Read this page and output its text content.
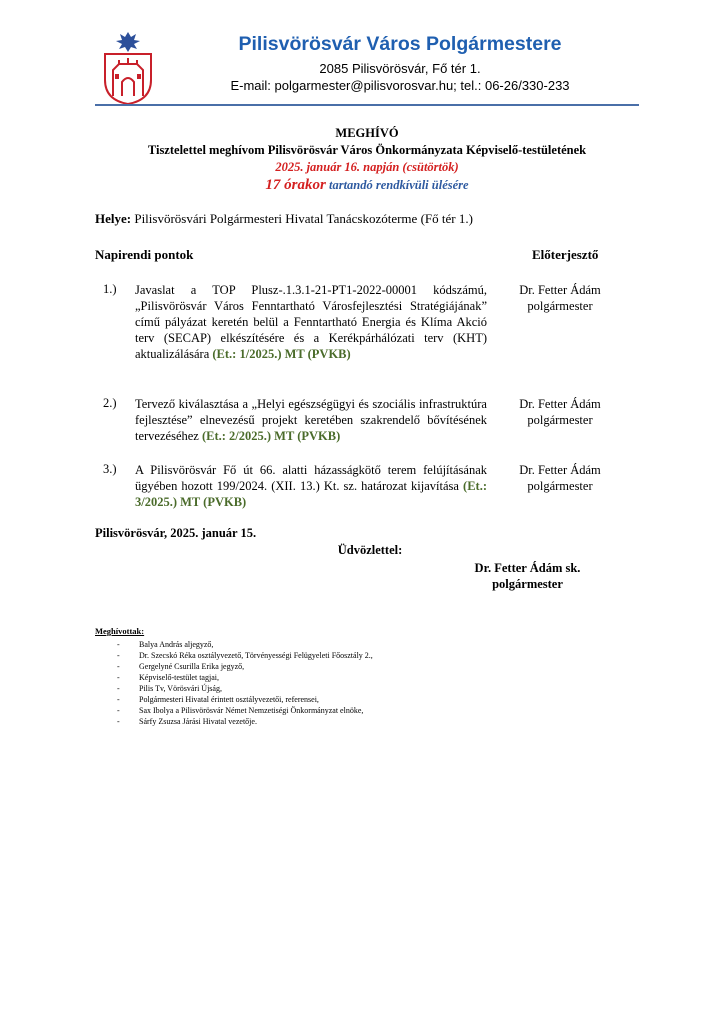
Pilisvörösvár Város Polgármestere
2085 Pilisvörösvár, Fő tér 1.
E-mail: polgarmester@pilisvorosvar.hu; tel.: 06-26/330-233
MEGHÍVÓ
Tisztelettel meghívom Pilisvörösvár Város Önkormányzata Képviselő-testületének
2025. január 16. napján (csütörtök)
17 órakor tartandó rendkívüli ülésére
Helye: Pilisvörösvári Polgármesteri Hivatal Tanácskozóterme (Fő tér 1.)
Napirendi pontok	Előterjesztő
1.) Javaslat a TOP Plusz-.1.3.1-21-PT1-2022-00001 kódszámú, „Pilisvörösvár Város Fenntartható Városfejlesztési Stratégiájának” című pályázat keretén belül a Fenntartható Energia és Klíma Akció terv (SECAP) elkészítésére és a Kerékpárhálózati terv (KHT) aktualizálására (Et.: 1/2025.) MT (PVKB)
Dr. Fetter Ádám
polgármester
2.) Tervező kiválasztása a „Helyi egészségügyi és szociális infrastruktúra fejlesztése” elnevezésű projekt keretében szakrendelő bővítésének tervezéséhez (Et.: 2/2025.) MT (PVKB)
Dr. Fetter Ádám
polgármester
3.) A Pilisvörösvár Fő út 66. alatti házasságkötő terem felújításának ügyében hozott 199/2024. (XII. 13.) Kt. sz. határozat kijavítása (Et.: 3/2025.) MT (PVKB)
Dr. Fetter Ádám
polgármester
Pilisvörösvár, 2025. január 15.
Üdvözlettel:
Dr. Fetter Ádám sk.
polgármester
Meghívottak:
- Balya András aljegyző,
- Dr. Szecskó Réka osztályvezető, Törvényességi Felügyeleti Főosztály 2.,
- Gergelyné Csurilla Erika jegyző,
- Képviselő-testület tagjai,
- Pilis Tv, Vörösvári Újság,
- Polgármesteri Hivatal érintett osztályvezetői, referensei,
- Sax Ibolya a Pilisvörösvár Német Nemzetiségi Önkormányzat elnöke,
- Sárfy Zsuzsa Járási Hivatal vezetője.
